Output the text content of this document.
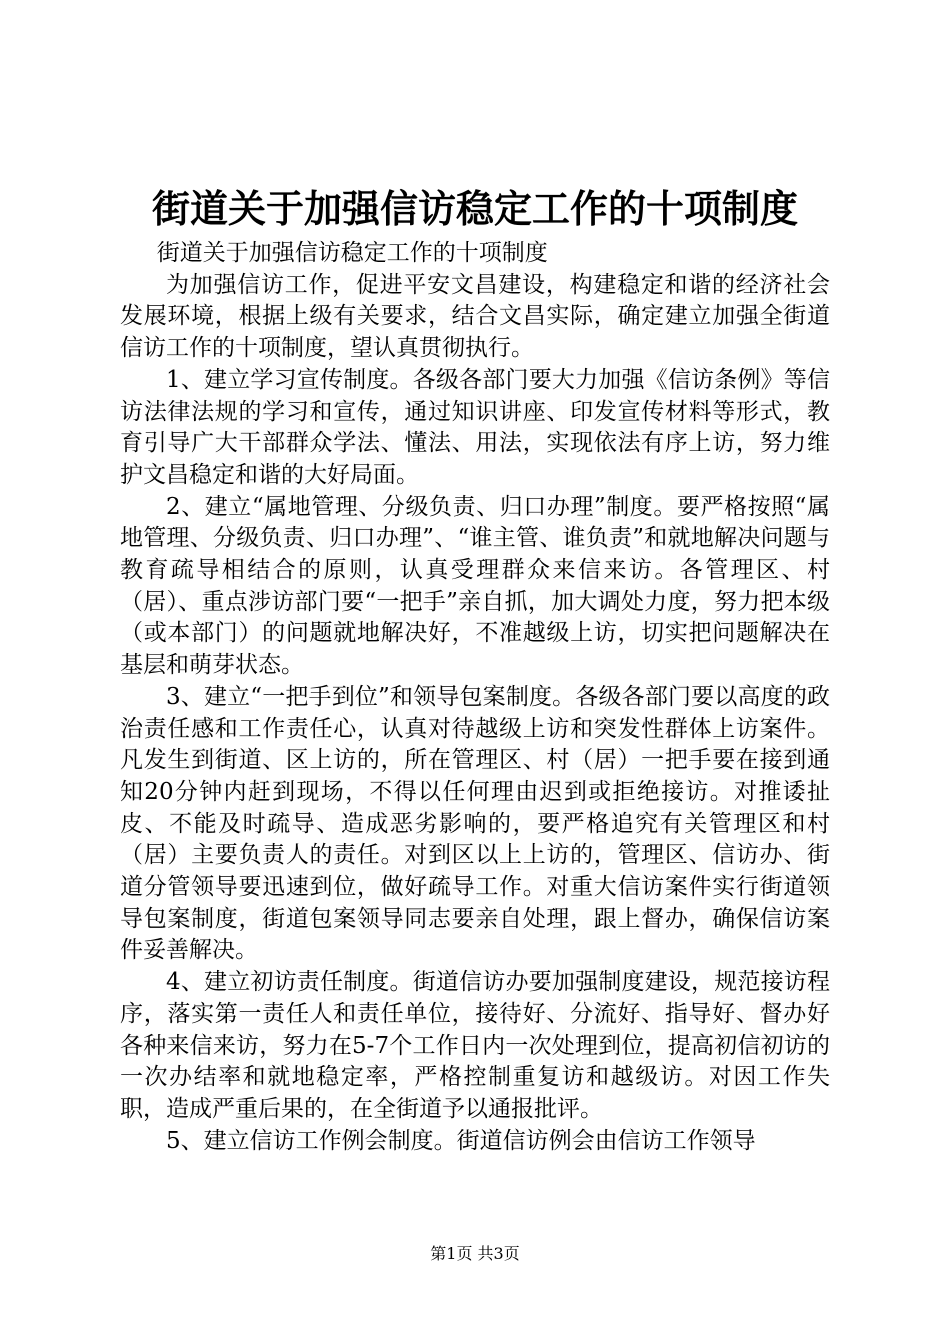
街道关于加强信访稳定工作的十项制度

街道关于加强信访稳定工作的十项制度

为加强信访工作，促进平安文昌建设，构建稳定和谐的经济社会发展环境，根据上级有关要求，结合文昌实际，确定建立加强全街道信访工作的十项制度，望认真贯彻执行。

1、建立学习宣传制度。各级各部门要大力加强《信访条例》等信访法律法规的学习和宣传，通过知识讲座、印发宣传材料等形式，教育引导广大干部群众学法、懂法、用法，实现依法有序上访，努力维护文昌稳定和谐的大好局面。

2、建立“属地管理、分级负责、归口办理”制度。要严格按照“属地管理、分级负责、归口办理”、“谁主管、谁负责”和就地解决问题与教育疏导相结合的原则，认真受理群众来信来访。各管理区、村（居）、重点涉访部门要“一把手”亲自抓，加大调处力度，努力把本级（或本部门）的问题就地解决好，不准越级上访，切实把问题解决在基层和萌芽状态。

3、建立“一把手到位”和领导包案制度。各级各部门要以高度的政治责任感和工作责任心，认真对待越级上访和突发性群体上访案件。凡发生到街道、区上访的，所在管理区、村（居）一把手要在接到通知20分钟内赶到现场，不得以任何理由迟到或拒绝接访。对推诿扯皮、不能及时疏导、造成恶劣影响的，要严格追究有关管理区和村（居）主要负责人的责任。对到区以上上访的，管理区、信访办、街道分管领导要迅速到位，做好疏导工作。对重大信访案件实行街道领导包案制度，街道包案领导同志要亲自处理，跟上督办，确保信访案件妥善解决。

4、建立初访责任制度。街道信访办要加强制度建设，规范接访程序，落实第一责任人和责任单位，接待好、分流好、指导好、督办好各种来信来访，努力在5-7个工作日内一次处理到位，提高初信初访的一次办结率和就地稳定率，严格控制重复访和越级访。对因工作失职，造成严重后果的，在全街道予以通报批评。

5、建立信访工作例会制度。街道信访例会由信访工作领导

第1页 共3页
